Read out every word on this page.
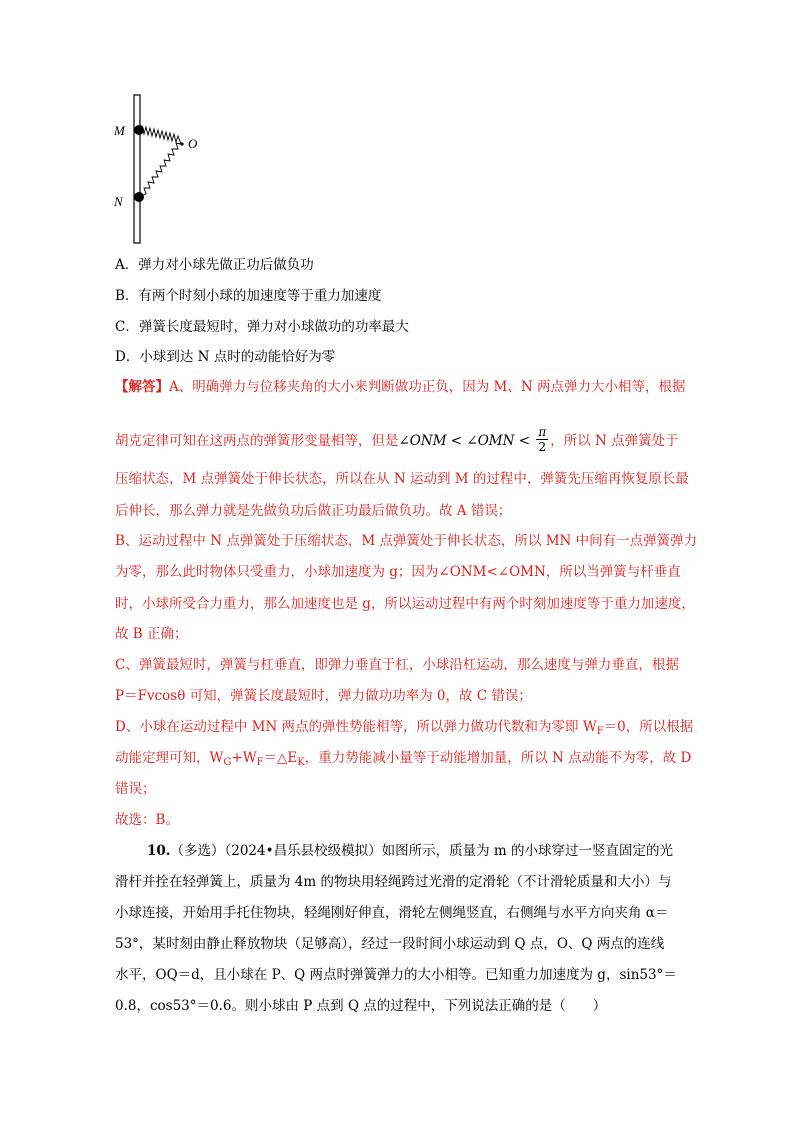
M
N
O
A．弹力对小球先做正功后做负功
B．有两个时刻小球的加速度等于重力加速度
C．弹簧长度最短时，弹力对小球做功的功率最大
D．小球到达 N 点时的动能恰好为零
【解答】A、明确弹力与位移夹角的大小来判断做功正负，因为 M、N 两点弹力大小相等，根据
胡克定律可知在这两点的弹簧形变量相等，但是∠ONM < ∠OMN < $\frac{\pi}{2}$ ，所以 N 点弹簧处于
压缩状态，M 点弹簧处于伸长状态，所以在从 N 运动到 M 的过程中，弹簧先压缩再恢复原长最
后伸长，那么弹力就是先做负功后做正功最后做负功。故 A 错误；
B、运动过程中 N 点弹簧处于压缩状态，M 点弹簧处于伸长状态，所以 MN 中间有一点弹簧弹力
为零，那么此时物体只受重力，小球加速度为 g；因为∠ONM<∠OMN，所以当弹簧与杆垂直
时，小球所受合力重力，那么加速度也是 g，所以运动过程中有两个时刻加速度等于重力加速度，
故 B 正确；
C、弹簧最短时，弹簧与杠垂直，即弹力垂直于杠，小球沿杠运动，那么速度与弹力垂直，根据
P＝Fvcosθ 可知，弹簧长度最短时，弹力做功功率为 0，故 C 错误；
D、小球在运动过程中 MN 两点的弹性势能相等，所以弹力做功代数和为零即 $W_F=0$，所以根据
动能定理可知，$W_G+W_F=\triangle E_K$，重力势能减小量等于动能增加量，所以 N 点动能不为零，故 D
错误；
故选：B。
10.（多选）（2024•昌乐县校级模拟）如图所示，质量为 m 的小球穿过一竖直固定的光
滑杆并拴在轻弹簧上，质量为 4m 的物块用轻绳跨过光滑的定滑轮（不计滑轮质量和大小）与
小球连接，开始用手托住物块，轻绳刚好伸直，滑轮左侧绳竖直，右侧绳与水平方向夹角 α＝
53°，某时刻由静止释放物块（足够高），经过一段时间小球运动到 Q 点，O、Q 两点的连线
水平，OQ＝d，且小球在 P、Q 两点时弹簧弹力的大小相等。已知重力加速度为 g，sin53°＝
0.8，cos53°＝0.6。则小球由 P 点到 Q 点的过程中，下列说法正确的是（　　）
